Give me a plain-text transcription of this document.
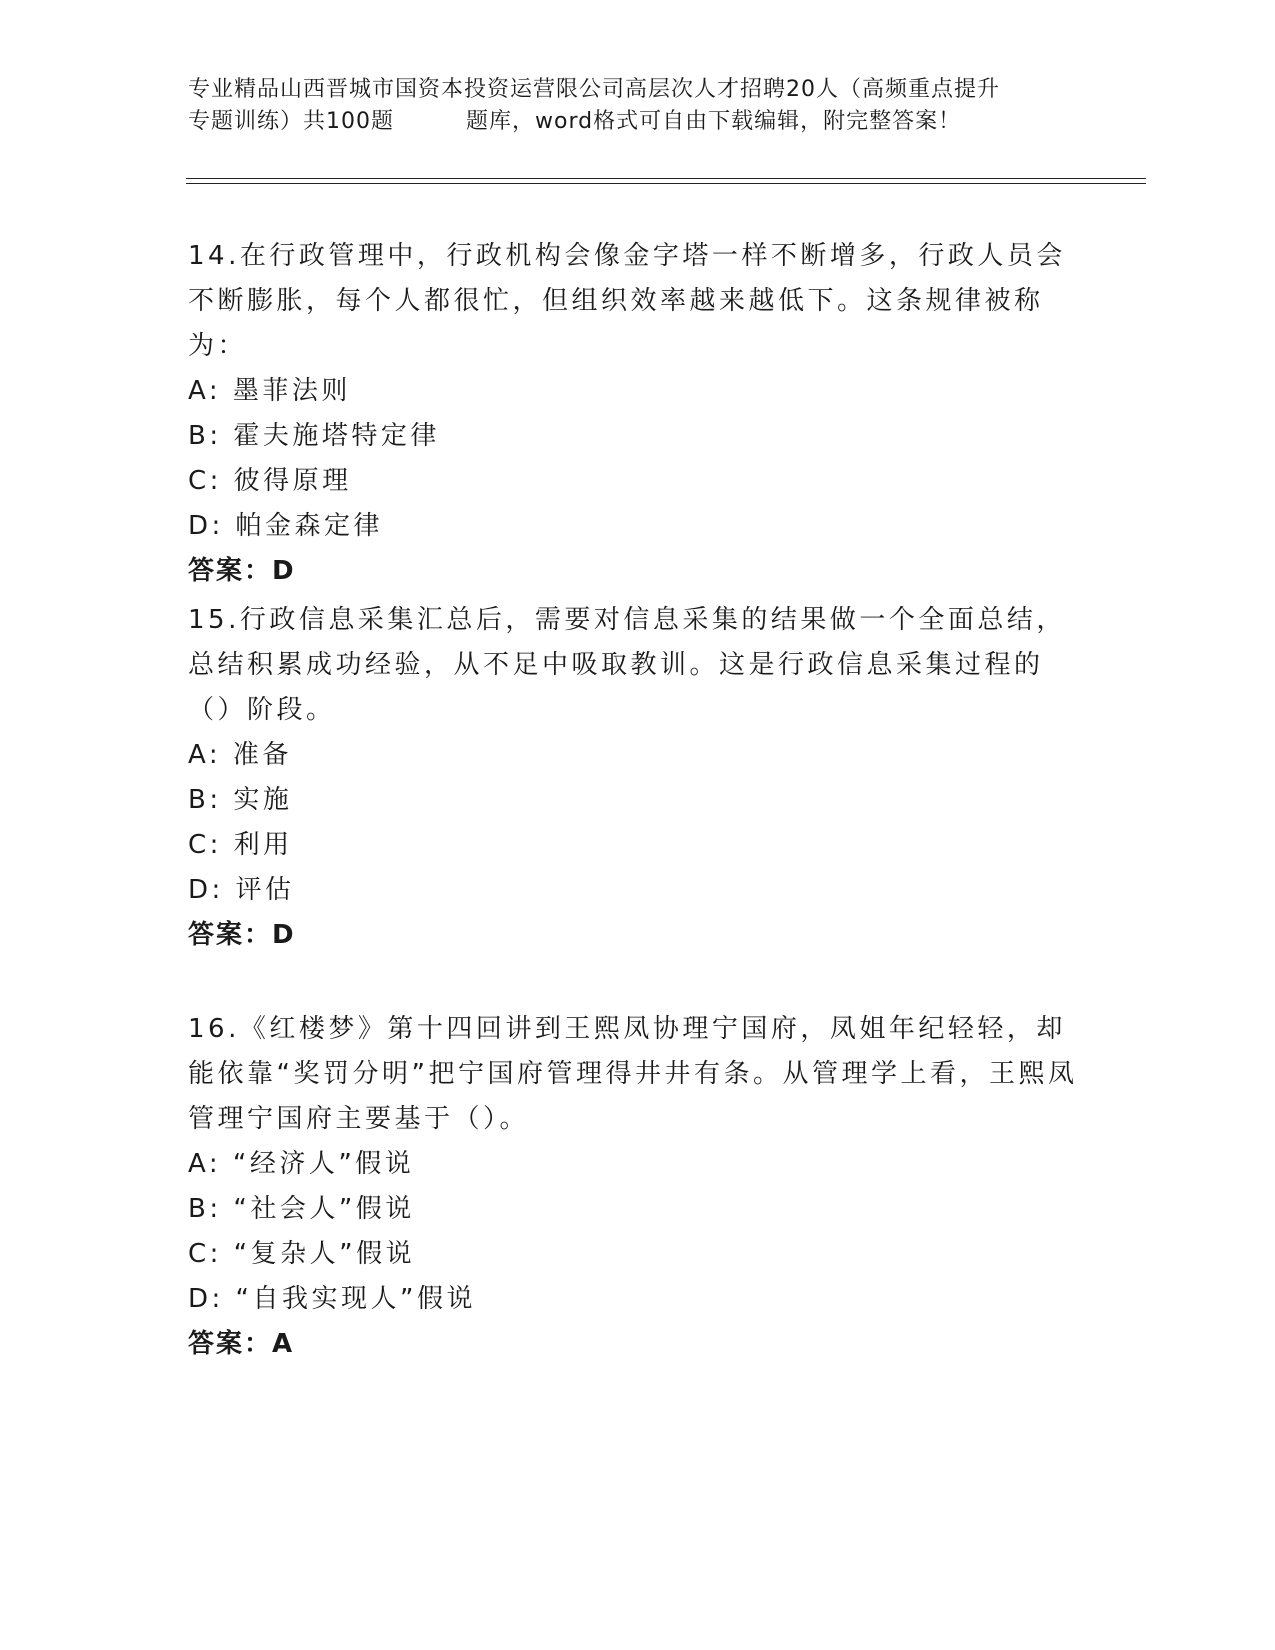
专业精品山西晋城市国资本投资运营限公司高层次人才招聘20人（高频重点提升
专题训练）共100题	题库，word格式可自由下载编辑，附完整答案！

14.在行政管理中，行政机构会像金字塔一样不断增多，行政人员会不断膨胀，每个人都很忙，但组织效率越来越低下。这条规律被称为：

A: 墨菲法则

B: 霍夫施塔特定律

C: 彼得原理

D: 帕金森定律

答案：D

15.行政信息采集汇总后，需要对信息采集的结果做一个全面总结，总结积累成功经验，从不足中吸取教训。这是行政信息采集过程的（）阶段。

A: 准备

B: 实施

C: 利用

D: 评估

答案：D

16.《红楼梦》第十四回讲到王熙凤协理宁国府，凤姐年纪轻轻，却能依靠“奖罚分明”把宁国府管理得井井有条。从管理学上看，王熙凤管理宁国府主要基于（）。

A: “经济人”假说

B: “社会人”假说

C: “复杂人”假说

D: “自我实现人”假说

答案：A
